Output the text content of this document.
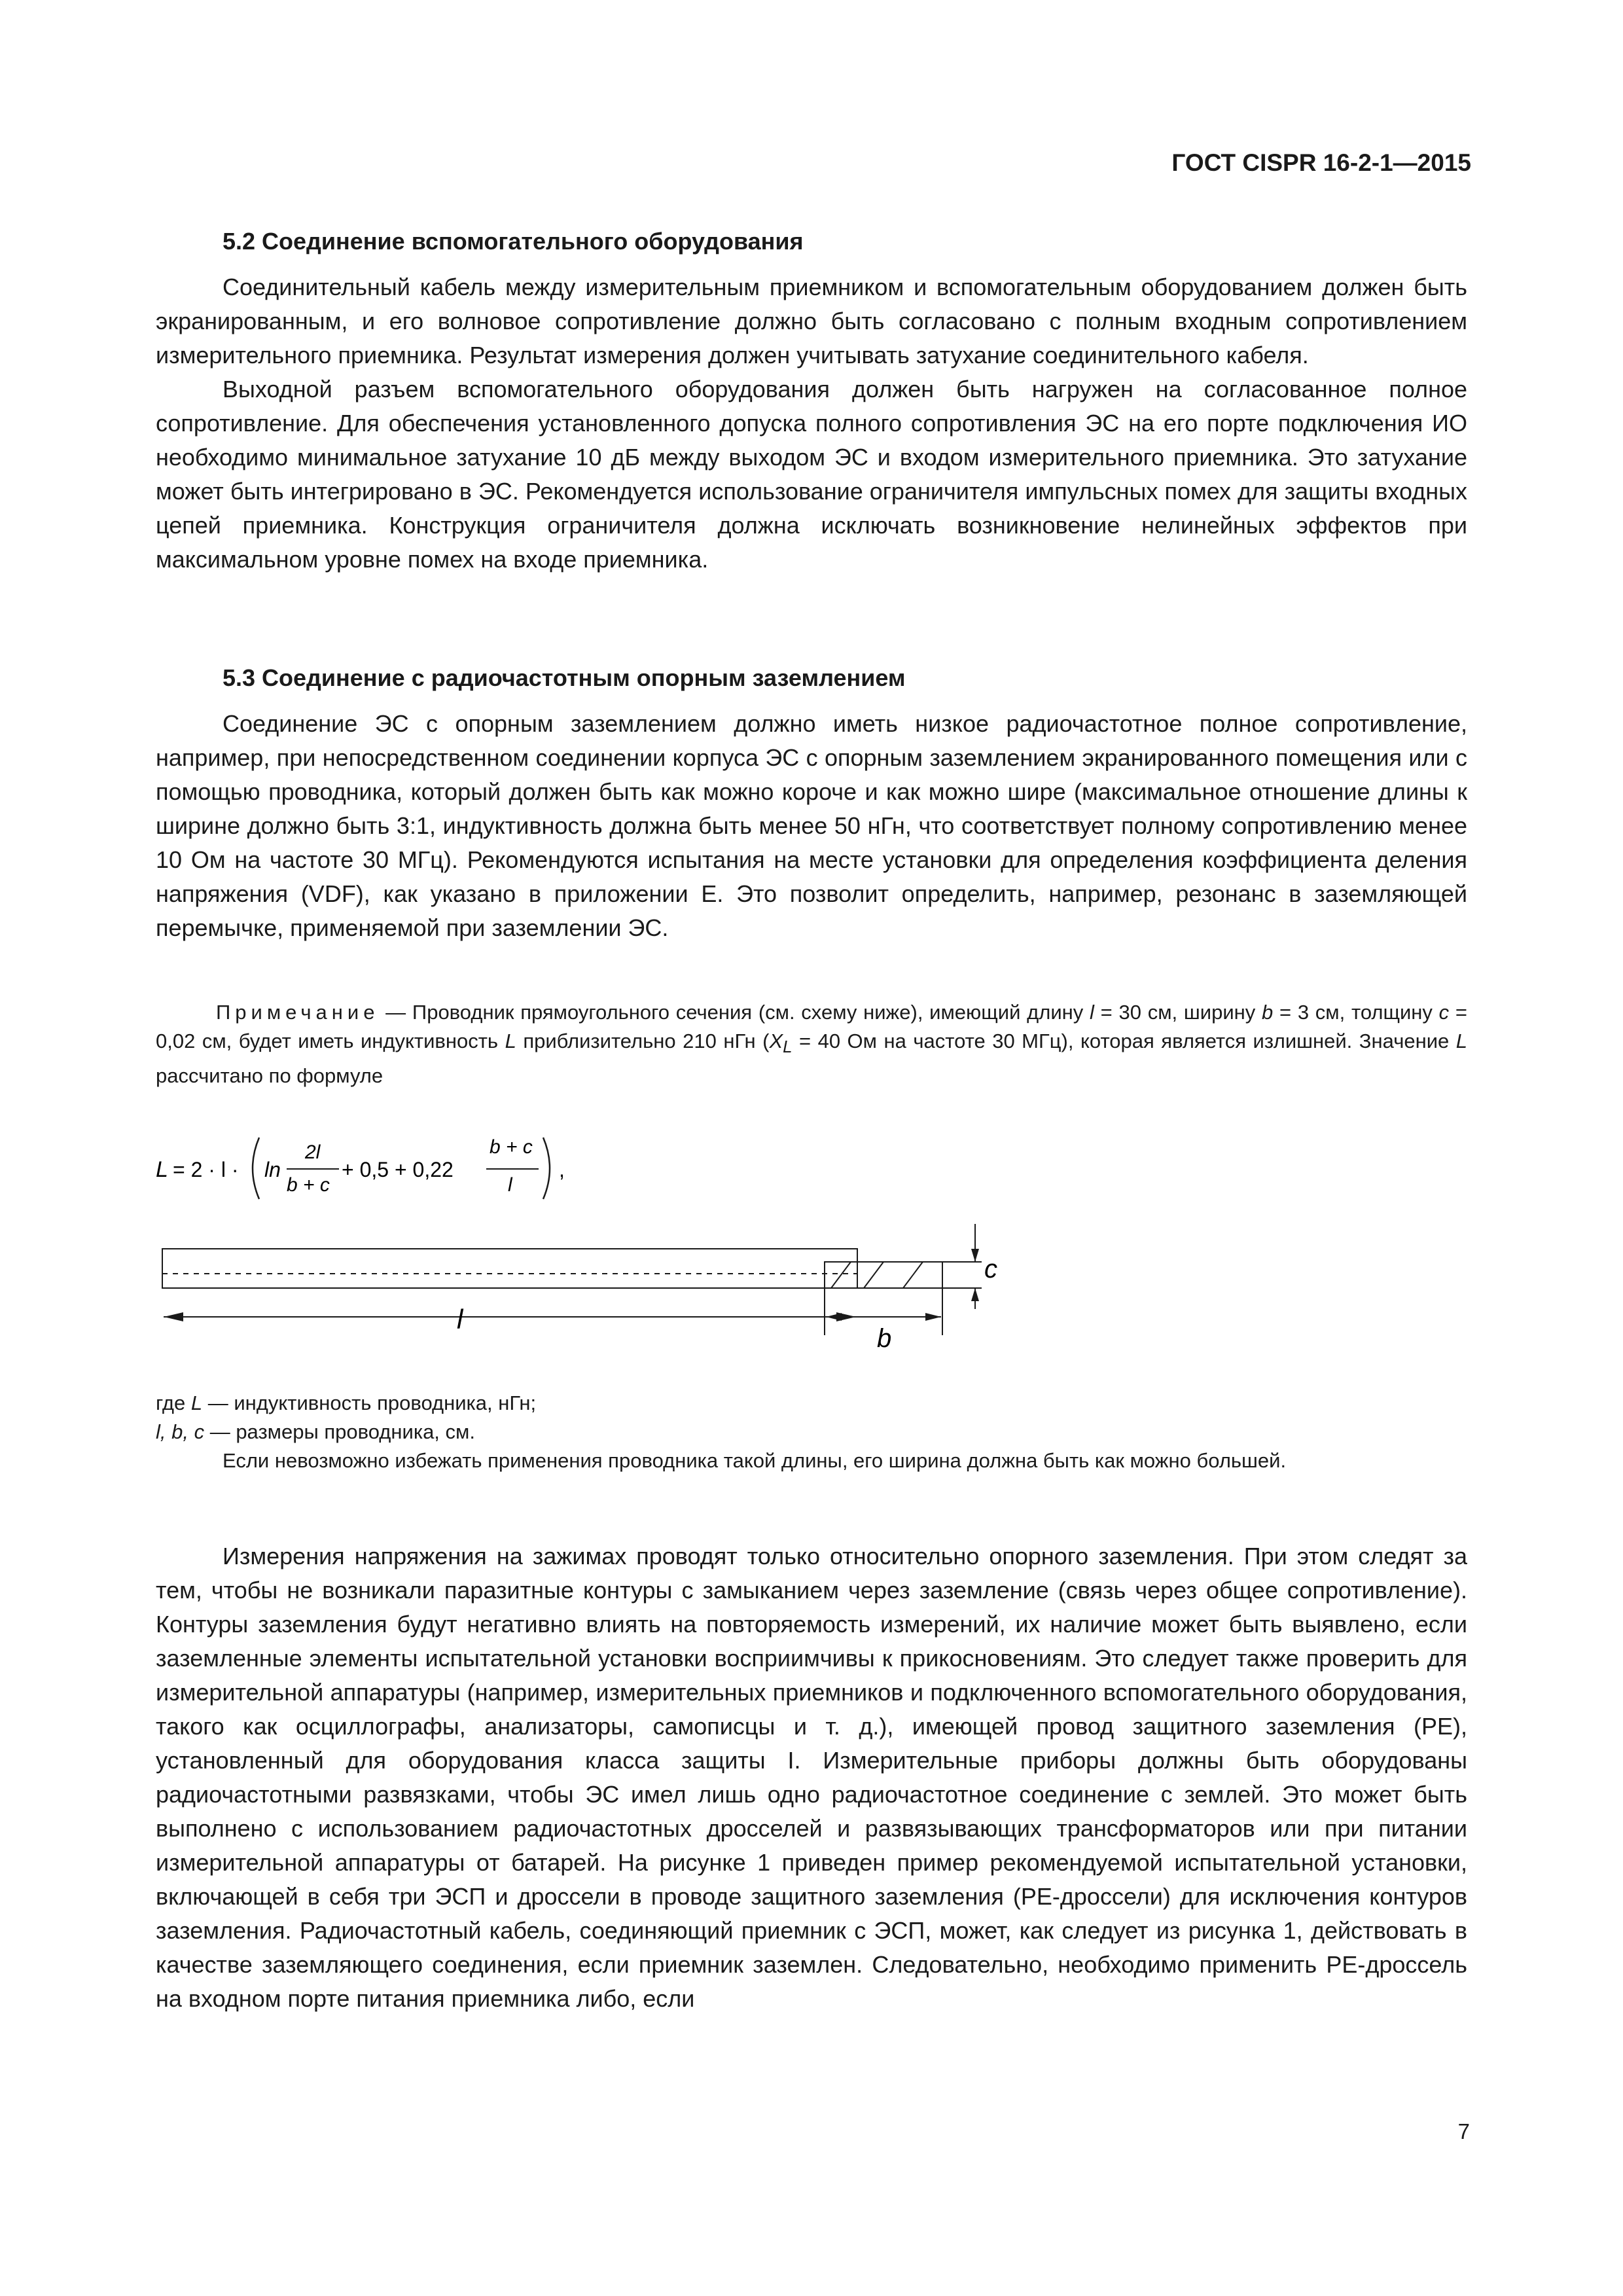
ГОСТ CISPR 16-2-1—2015
5.2 Соединение вспомогательного оборудования

Соединительный кабель между измерительным приемником и вспомогательным оборудованием должен быть экранированным, и его волновое сопротивление должно быть согласовано с полным входным сопротивлением измерительного приемника. Результат измерения должен учитывать затухание соединительного кабеля.

Выходной разъем вспомогательного оборудования должен быть нагружен на согласованное полное сопротивление. Для обеспечения установленного допуска полного сопротивления ЭС на его порте подключения ИО необходимо минимальное затухание 10 дБ между выходом ЭС и входом измерительного приемника. Это затухание может быть интегрировано в ЭС. Рекомендуется использование ограничителя импульсных помех для защиты входных цепей приемника. Конструкция ограничителя должна исключать возникновение нелинейных эффектов при максимальном уровне помех на входе приемника.

5.3 Соединение с радиочастотным опорным заземлением

Соединение ЭС с опорным заземлением должно иметь низкое радиочастотное полное сопротивление, например, при непосредственном соединении корпуса ЭС с опорным заземлением экранированного помещения или с помощью проводника, который должен быть как можно короче и как можно шире (максимальное отношение длины к ширине должно быть 3:1, индуктивность должна быть менее 50 нГн, что соответствует полному сопротивлению менее 10 Ом на частоте 30 МГц). Рекомендуются испытания на месте установки для определения коэффициента деления напряжения (VDF), как указано в приложении E. Это позволит определить, например, резонанс в заземляющей перемычке, применяемой при заземлении ЭС.

Примечание — Проводник прямоугольного сечения (см. схему ниже), имеющий длину l = 30 см, ширину b = 3 см, толщину c = 0,02 см, будет иметь индуктивность L приблизительно 210 нГн ($X_L = 40$ Ом на частоте 30 МГц), которая является излишней. Значение L рассчитано по формуле

L = 2 · l · ln
2l
b + c
+ 0,5 + 0,22
b + c
l
,
l
c
b

где L — индуктивность проводника, нГн;

l, b, c — размеры проводника, см.

Если невозможно избежать применения проводника такой длины, его ширина должна быть как можно большей.

Измерения напряжения на зажимах проводят только относительно опорного заземления. При этом следят за тем, чтобы не возникали паразитные контуры с замыканием через заземление (связь через общее сопротивление). Контуры заземления будут негативно влиять на повторяемость измерений, их наличие может быть выявлено, если заземленные элементы испытательной установки восприимчивы к прикосновениям. Это следует также проверить для измерительной аппаратуры (например, измерительных приемников и подключенного вспомогательного оборудования, такого как осциллографы, анализаторы, самописцы и т. д.), имеющей провод защитного заземления (PE), установленный для оборудования класса защиты I. Измерительные приборы должны быть оборудованы радиочастотными развязками, чтобы ЭС имел лишь одно радиочастотное соединение с землей. Это может быть выполнено с использованием радиочастотных дросселей и развязывающих трансформаторов или при питании измерительной аппаратуры от батарей. На рисунке 1 приведен пример рекомендуемой испытательной установки, включающей в себя три ЭСП и дроссели в проводе защитного заземления (PE-дроссели) для исключения контуров заземления. Радиочастотный кабель, соединяющий приемник с ЭСП, может, как следует из рисунка 1, действовать в качестве заземляющего соединения, если приемник заземлен. Следовательно, необходимо применить PE-дроссель на входном порте питания приемника либо, если

7
